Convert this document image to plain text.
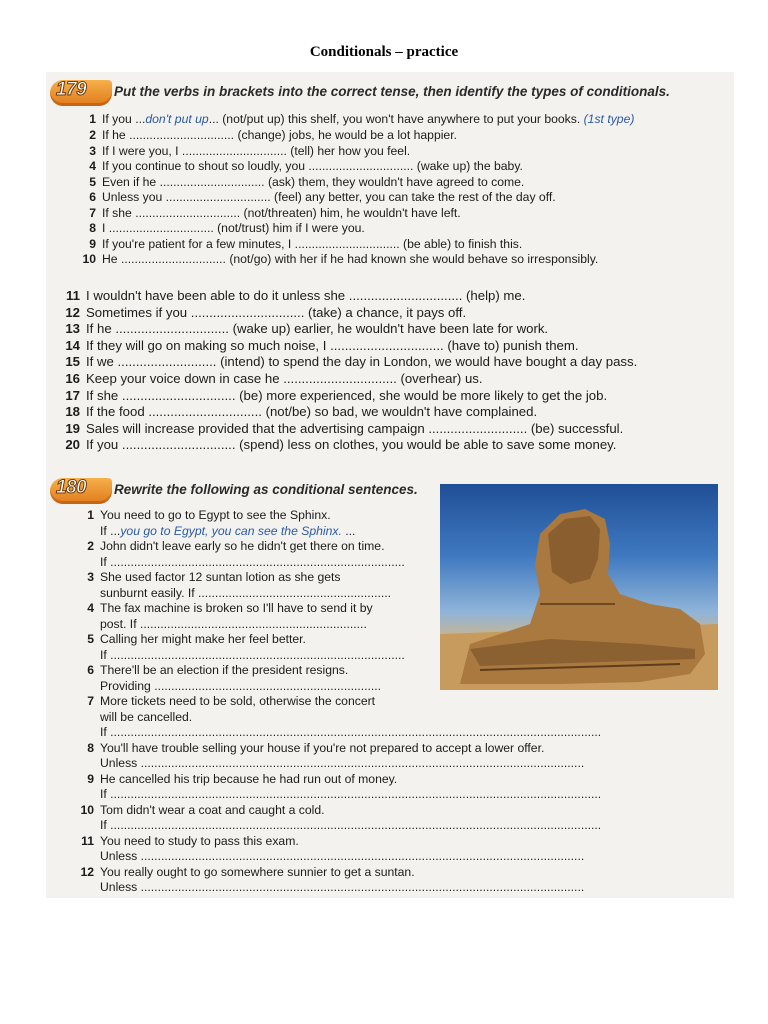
Conditionals – practice
179 Put the verbs in brackets into the correct tense, then identify the types of conditionals.
1 If you ...don't put up... (not/put up) this shelf, you won't have anywhere to put your books. (1st type)
2 If he ............................... (change) jobs, he would be a lot happier.
3 If I were you, I ............................... (tell) her how you feel.
4 If you continue to shout so loudly, you ............................... (wake up) the baby.
5 Even if he ............................... (ask) them, they wouldn't have agreed to come.
6 Unless you ............................... (feel) any better, you can take the rest of the day off.
7 If she ............................... (not/threaten) him, he wouldn't have left.
8 I ............................... (not/trust) him if I were you.
9 If you're patient for a few minutes, I ............................... (be able) to finish this.
10 He ............................... (not/go) with her if he had known she would behave so irresponsibly.
11 I wouldn't have been able to do it unless she ............................... (help) me.
12 Sometimes if you ............................... (take) a chance, it pays off.
13 If he ............................... (wake up) earlier, he wouldn't have been late for work.
14 If they will go on making so much noise, I ............................... (have to) punish them.
15 If we ........................... (intend) to spend the day in London, we would have bought a day pass.
16 Keep your voice down in case he ............................... (overhear) us.
17 If she ............................... (be) more experienced, she would be more likely to get the job.
18 If the food ............................... (not/be) so bad, we wouldn't have complained.
19 Sales will increase provided that the advertising campaign ........................... (be) successful.
20 If you ............................... (spend) less on clothes, you would be able to save some money.
180 Rewrite the following as conditional sentences.
1 You need to go to Egypt to see the Sphinx.
If ...you go to Egypt, you can see the Sphinx. ...
2 John didn't leave early so he didn't get there on time.
If .......................................................................................
3 She used factor 12 suntan lotion as she gets
sunburnt easily. If .........................................................
4 The fax machine is broken so I'll have to send it by
post. If ...................................................................
5 Calling her might make her feel better.
If .......................................................................................
6 There'll be an election if the president resigns.
Providing ...................................................................
7 More tickets need to be sold, otherwise the concert
will be cancelled.
If .................................................................................................................................................
8 You'll have trouble selling your house if you're not prepared to accept a lower offer.
Unless ...................................................................................................................................
9 He cancelled his trip because he had run out of money.
If .................................................................................................................................................
10 Tom didn't wear a coat and caught a cold.
If .................................................................................................................................................
11 You need to study to pass this exam.
Unless ...................................................................................................................................
12 You really ought to go somewhere sunnier to get a suntan.
Unless ...................................................................................................................................
